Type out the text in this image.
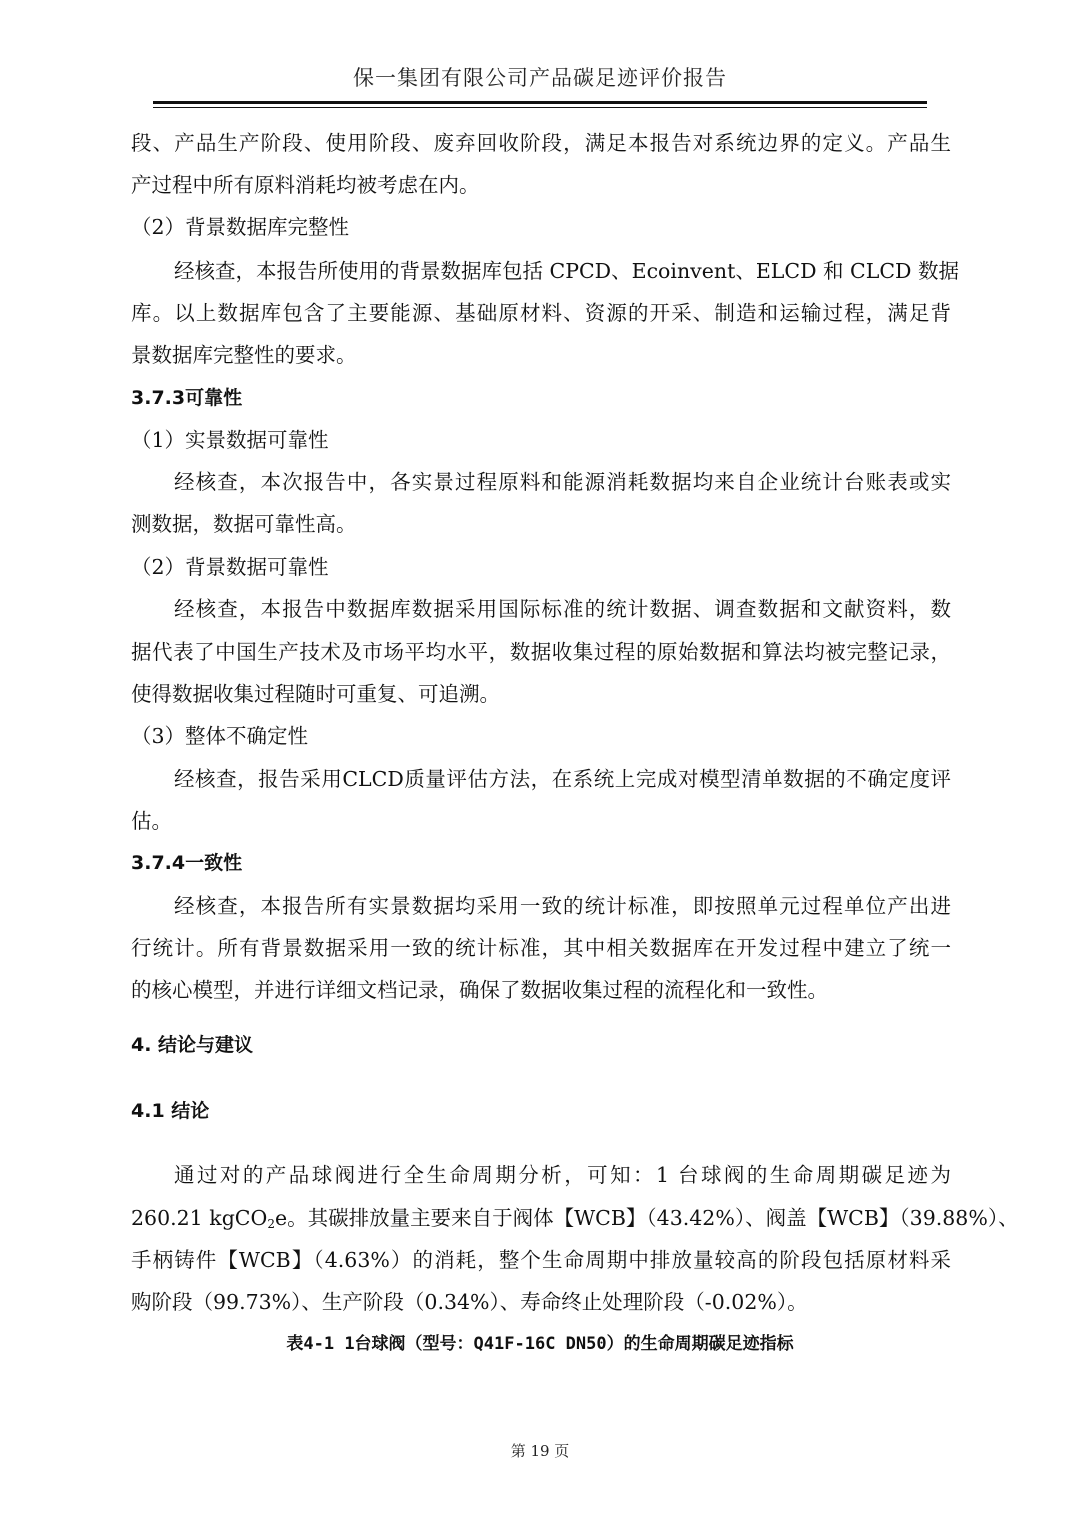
保一集团有限公司产品碳足迹评价报告
段、产品生产阶段、使用阶段、废弃回收阶段，满足本报告对系统边界的定义。产品生
产过程中所有原料消耗均被考虑在内。
（2）背景数据库完整性
经核查，本报告所使用的背景数据库包括 CPCD、Ecoinvent、ELCD 和 CLCD 数据
库。以上数据库包含了主要能源、基础原材料、资源的开采、制造和运输过程，满足背
景数据库完整性的要求。
3.7.3可靠性
（1）实景数据可靠性
经核查，本次报告中，各实景过程原料和能源消耗数据均来自企业统计台账表或实
测数据，数据可靠性高。
（2）背景数据可靠性
经核查，本报告中数据库数据采用国际标准的统计数据、调查数据和文献资料，数
据代表了中国生产技术及市场平均水平，数据收集过程的原始数据和算法均被完整记录，
使得数据收集过程随时可重复、可追溯。
（3）整体不确定性
经核查，报告采用CLCD质量评估方法，在系统上完成对模型清单数据的不确定度评
估。
3.7.4一致性
经核查，本报告所有实景数据均采用一致的统计标准，即按照单元过程单位产出进
行统计。所有背景数据采用一致的统计标准，其中相关数据库在开发过程中建立了统一
的核心模型，并进行详细文档记录，确保了数据收集过程的流程化和一致性。
4. 结论与建议
4.1 结论
通过对的产品球阀进行全生命周期分析，可知：1 台球阀的生命周期碳足迹为
260.21 kgCO$_2$e。其碳排放量主要来自于阀体【WCB】（43.42%）、阀盖【WCB】（39.88%）、
手柄铸件【WCB】（4.63%）的消耗，整个生命周期中排放量较高的阶段包括原材料采
购阶段（99.73%）、生产阶段（0.34%）、寿命终止处理阶段（-0.02%）。
表4-1 1台球阀（型号：Q41F-16C DN50）的生命周期碳足迹指标
第 19 页
